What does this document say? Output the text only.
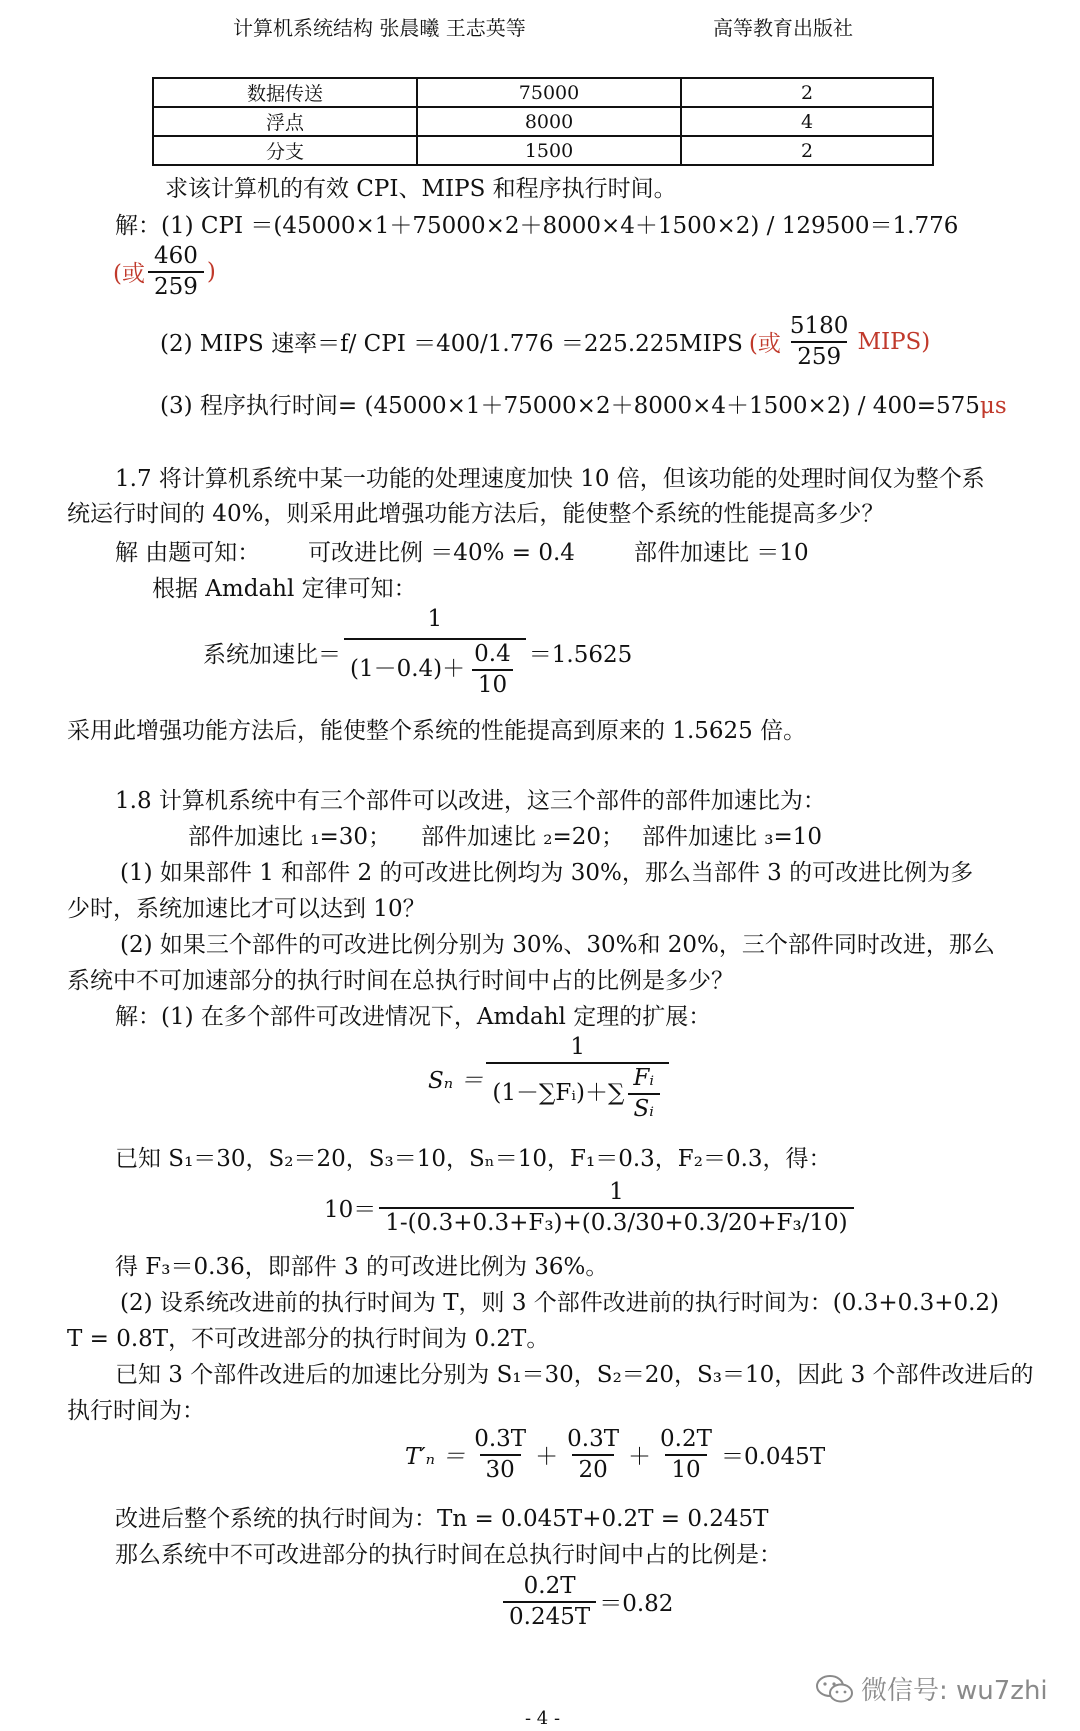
计算机系统结构 张晨曦 王志英等	高等教育出版社
数据传送	75000	2
浮点	8000	4
分支	1500	2
求该计算机的有效 CPI、MIPS 和程序执行时间。
解：(1) CPI ＝(45000×1＋75000×2＋8000×4＋1500×2) / 129500＝1.776
(或 $\frac{460}{259}$ )
(2) MIPS 速率＝f/ CPI ＝400/1.776 ＝225.225MIPS (或 $\frac{5180}{259}$ MIPS)
(3) 程序执行时间= (45000×1＋75000×2＋8000×4＋1500×2) / 400=575μs
1.7 将计算机系统中某一功能的处理速度加快 10 倍，但该功能的处理时间仅为整个系
统运行时间的 40%，则采用此增强功能方法后，能使整个系统的性能提高多少？
解 由题可知： 可改进比例 ＝40% = 0.4	部件加速比 ＝10
根据 Amdahl 定律可知：
系统加速比＝ $\frac{1}{(1-0.4)+ \frac{0.4}{10}} =1.5625$
采用此增强功能方法后，能使整个系统的性能提高到原来的 1.5625 倍。
1.8 计算机系统中有三个部件可以改进，这三个部件的部件加速比为：
部件加速比 ₁=30； 部件加速比 ₂=20； 部件加速比 ₃=10
(1) 如果部件 1 和部件 2 的可改进比例均为 30%，那么当部件 3 的可改进比例为多
少时，系统加速比才可以达到 10？
(2) 如果三个部件的可改进比例分别为 30%、30%和 20%，三个部件同时改进，那么
系统中不可加速部分的执行时间在总执行时间中占的比例是多少？
解：(1) 在多个部件可改进情况下，Amdahl 定理的扩展：
$S_n = \frac{1}{(1-\sum Fᵢ)+\sum \frac{\text{Fᵢ}}{\text{Sᵢ}}}$
已知 S₁＝30，S₂＝20，S₃＝10，Sₙ＝10，F₁＝0.3，F₂＝0.3，得：
$10= \frac{1}{\text{1-(0.3+0.3+F₃)+(0.3/30+0.3/20+F₃/10)}}$
得 F₃＝0.36，即部件 3 的可改进比例为 36%。
(2) 设系统改进前的执行时间为 T，则 3 个部件改进前的执行时间为：(0.3+0.3+0.2)
T = 0.8T，不可改进部分的执行时间为 0.2T。
已知 3 个部件改进后的加速比分别为 S₁＝30，S₂＝20，S₃＝10，因此 3 个部件改进后的
执行时间为：
$T'_n = \frac{0.3T}{30} + \frac{0.3T}{20} + \frac{0.2T}{10} =0.045T$
改进后整个系统的执行时间为：Tn = 0.045T+0.2T = 0.245T
那么系统中不可改进部分的执行时间在总执行时间中占的比例是：
$\frac{0.2T}{0.245T} =0.82$
- 4 -
微信号: wu7zhi
